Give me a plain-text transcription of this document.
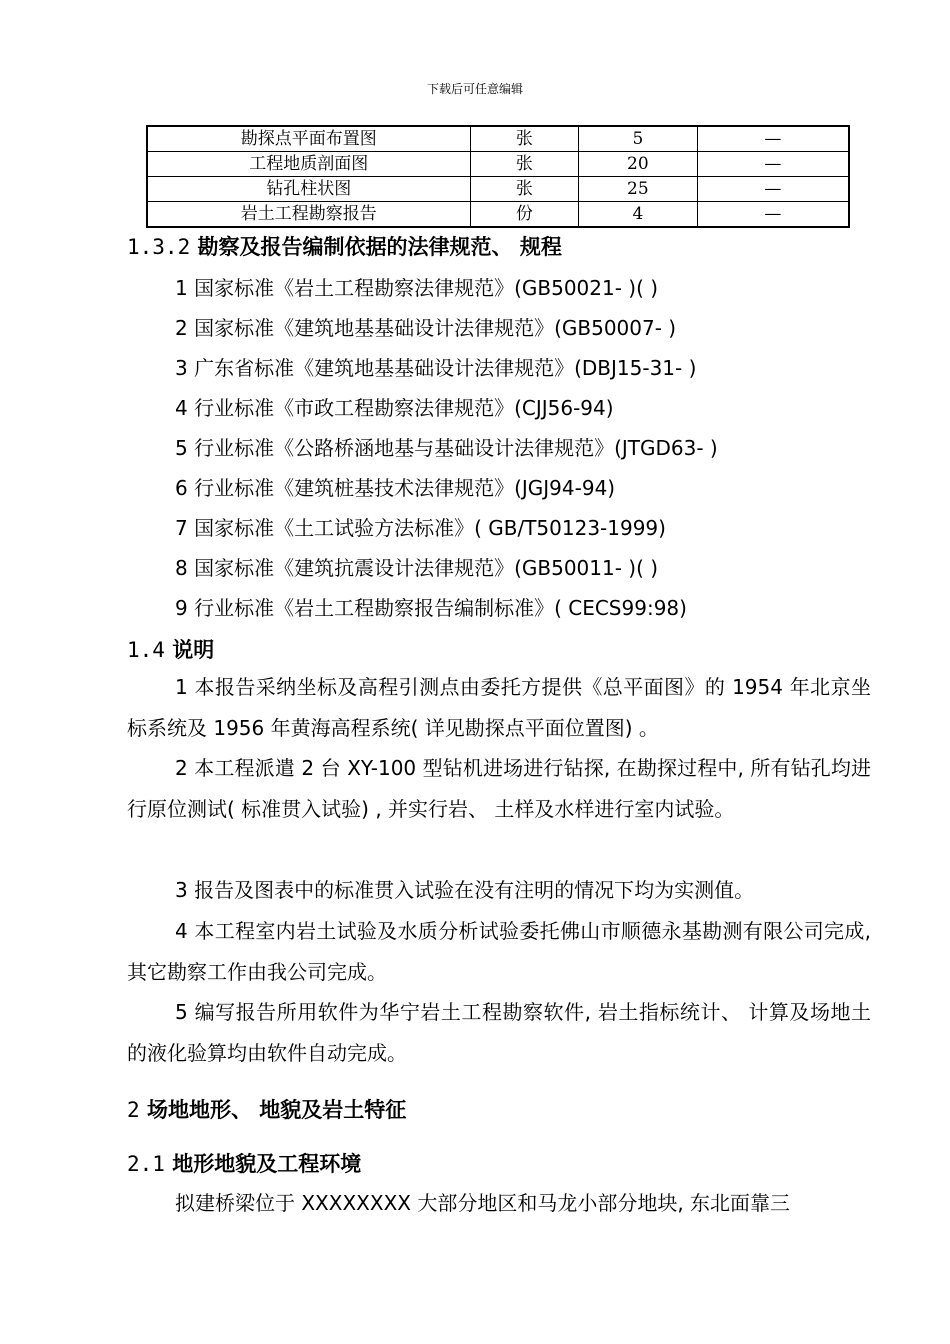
下载后可任意编辑
勘探点平面布置图	张	5	—
工程地质剖面图	张	20	—
钻孔柱状图	张	25	—
岩土工程勘察报告	份	4	—
1.3.2 勘察及报告编制依据的法律规范、 规程
1 国家标准《岩土工程勘察法律规范》(GB50021- )( )
2 国家标准《建筑地基基础设计法律规范》(GB50007- )
3 广东省标准《建筑地基基础设计法律规范》(DBJ15-31- )
4 行业标准《市政工程勘察法律规范》(CJJ56-94)
5 行业标准《公路桥涵地基与基础设计法律规范》(JTGD63- )
6 行业标准《建筑桩基技术法律规范》(JGJ94-94)
7 国家标准《土工试验方法标准》( GB/T50123-1999)
8 国家标准《建筑抗震设计法律规范》(GB50011- )( )
9 行业标准《岩土工程勘察报告编制标准》( CECS99:98)
1.4 说明
1 本报告采纳坐标及高程引测点由委托方提供《总平面图》的 1954 年北京坐标系统及 1956 年黄海高程系统( 详见勘探点平面位置图) 。
2 本工程派遣 2 台 XY-100 型钻机进场进行钻探, 在勘探过程中, 所有钻孔均进行原位测试( 标准贯入试验) , 并实行岩、 土样及水样进行室内试验。
3 报告及图表中的标准贯入试验在没有注明的情况下均为实测值。
4 本工程室内岩土试验及水质分析试验委托佛山市顺德永基勘测有限公司完成, 其它勘察工作由我公司完成。
5 编写报告所用软件为华宁岩土工程勘察软件, 岩土指标统计、 计算及场地土的液化验算均由软件自动完成。
2 场地地形、 地貌及岩土特征
2.1 地形地貌及工程环境
拟建桥梁位于 XXXXXXXX 大部分地区和马龙小部分地块, 东北面靠三
